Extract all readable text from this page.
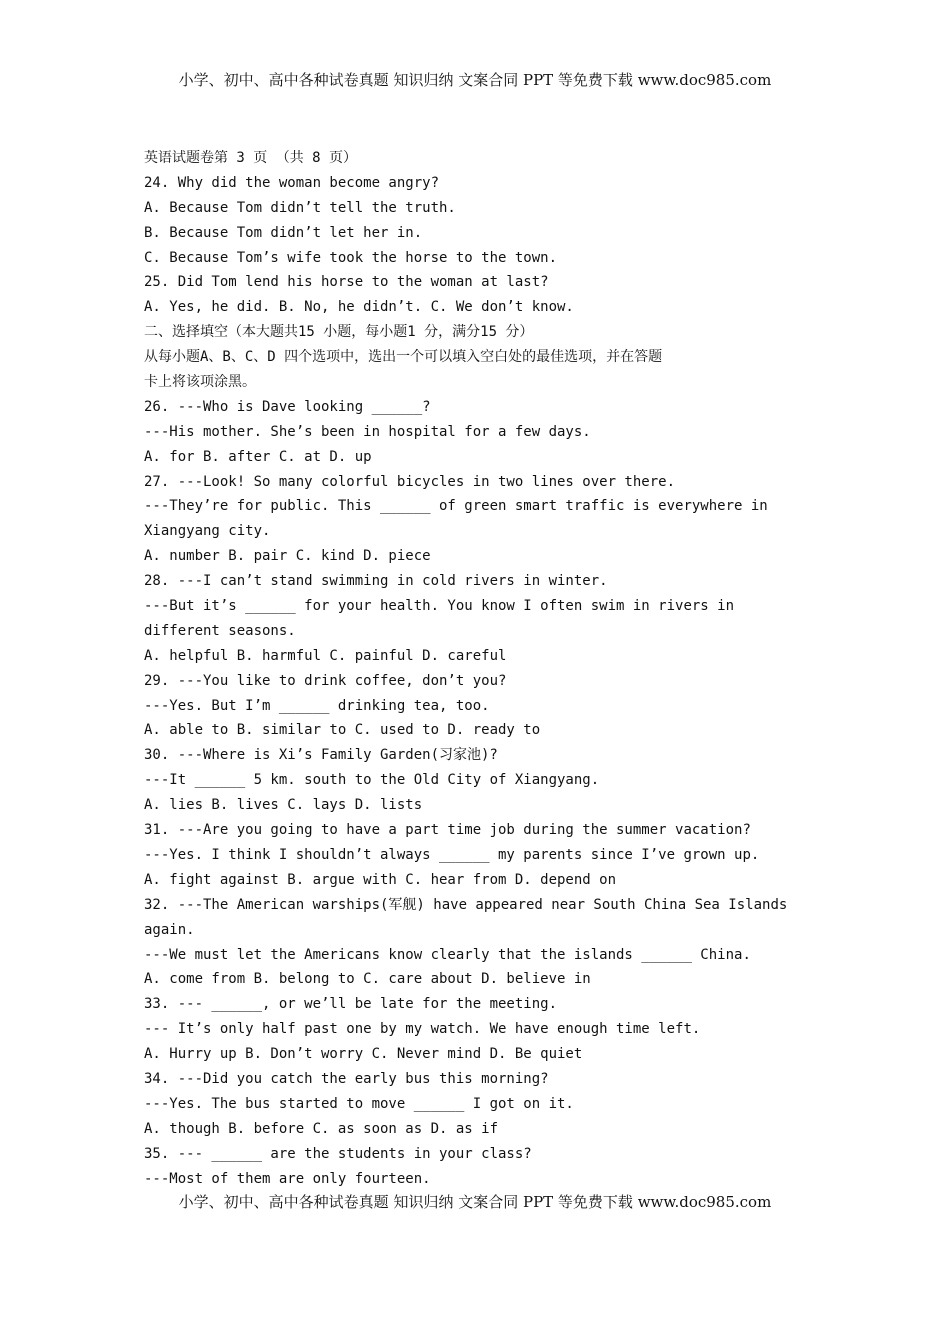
小学、初中、高中各种试卷真题 知识归纳 文案合同 PPT 等免费下载 www.doc985.com
英语试题卷第 3 页 （共 8 页）
24. Why did the woman become angry?
A. Because Tom didn’t tell the truth.
B. Because Tom didn’t let her in.
C. Because Tom’s wife took the horse to the town.
25. Did Tom lend his horse to the woman at last?
A. Yes, he did. B. No, he didn’t. C. We don’t know.
二、选择填空（本大题共15 小题，每小题1 分，满分15 分）
从每小题A、B、C、D 四个选项中，选出一个可以填入空白处的最佳选项，并在答题
卡上将该项涂黑。
26. ---Who is Dave looking ______?
---His mother. She’s been in hospital for a few days.
A. for B. after C. at D. up
27. ---Look! So many colorful bicycles in two lines over there.
---They’re for public. This ______ of green smart traffic is everywhere in
Xiangyang city.
A. number B. pair C. kind D. piece
28. ---I can’t stand swimming in cold rivers in winter.
---But it’s ______ for your health. You know I often swim in rivers in
different seasons.
A. helpful B. harmful C. painful D. careful
29. ---You like to drink coffee, don’t you?
---Yes. But I’m ______ drinking tea, too.
A. able to B. similar to C. used to D. ready to
30. ---Where is Xi’s Family Garden(习家池)?
---It ______ 5 km. south to the Old City of Xiangyang.
A. lies B. lives C. lays D. lists
31. ---Are you going to have a part time job during the summer vacation?
---Yes. I think I shouldn’t always ______ my parents since I’ve grown up.
A. fight against B. argue with C. hear from D. depend on
32. ---The American warships(军舰) have appeared near South China Sea Islands
again.
---We must let the Americans know clearly that the islands ______ China.
A. come from B. belong to C. care about D. believe in
33. --- ______, or we’ll be late for the meeting.
--- It’s only half past one by my watch. We have enough time left.
A. Hurry up B. Don’t worry C. Never mind D. Be quiet
34. ---Did you catch the early bus this morning?
---Yes. The bus started to move ______ I got on it.
A. though B. before C. as soon as D. as if
35. --- ______ are the students in your class?
---Most of them are only fourteen.
小学、初中、高中各种试卷真题 知识归纳 文案合同 PPT 等免费下载 www.doc985.com
